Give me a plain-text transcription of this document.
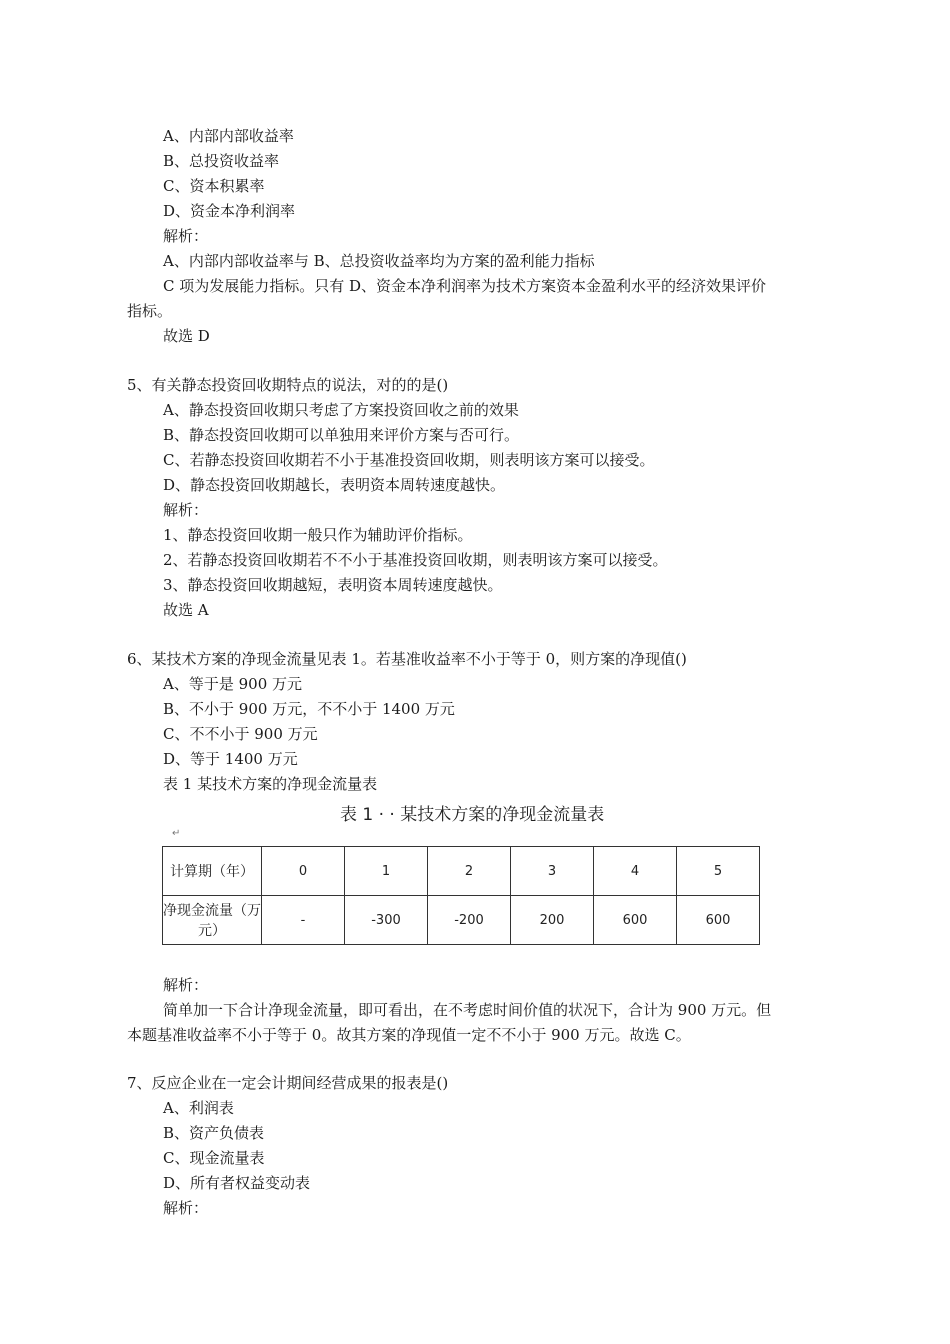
A、内部内部收益率
B、总投资收益率
C、资本积累率
D、资金本净利润率
解析：
A、内部内部收益率与 B、总投资收益率均为方案的盈利能力指标
C 项为发展能力指标。只有 D、资金本净利润率为技术方案资本金盈利水平的经济效果评价
指标。
故选 D
5、有关静态投资回收期特点的说法，对的的是()
A、静态投资回收期只考虑了方案投资回收之前的效果
B、静态投资回收期可以单独用来评价方案与否可行。
C、若静态投资回收期若不小于基准投资回收期，则表明该方案可以接受。
D、静态投资回收期越长，表明资本周转速度越快。
解析：
1、静态投资回收期一般只作为辅助评价指标。
2、若静态投资回收期若不不小于基准投资回收期，则表明该方案可以接受。
3、静态投资回收期越短，表明资本周转速度越快。
故选 A
6、某技术方案的净现金流量见表 1。若基准收益率不小于等于 0，则方案的净现值()
A、等于是 900 万元
B、不小于 900 万元，不不小于 1400 万元
C、不不小于 900 万元
D、等于 1400 万元
表 1 某技术方案的净现金流量表
表 1 · · 某技术方案的净现金流量表
↵
计算期（年）	0	1	2	3	4	5
净现金流量（万元）	-	-300	-200	200	600	600
解析：
简单加一下合计净现金流量，即可看出，在不考虑时间价值的状况下，合计为 900 万元。但
本题基准收益率不小于等于 0。故其方案的净现值一定不不小于 900 万元。故选 C。
7、反应企业在一定会计期间经营成果的报表是()
A、利润表
B、资产负债表
C、现金流量表
D、所有者权益变动表
解析：
